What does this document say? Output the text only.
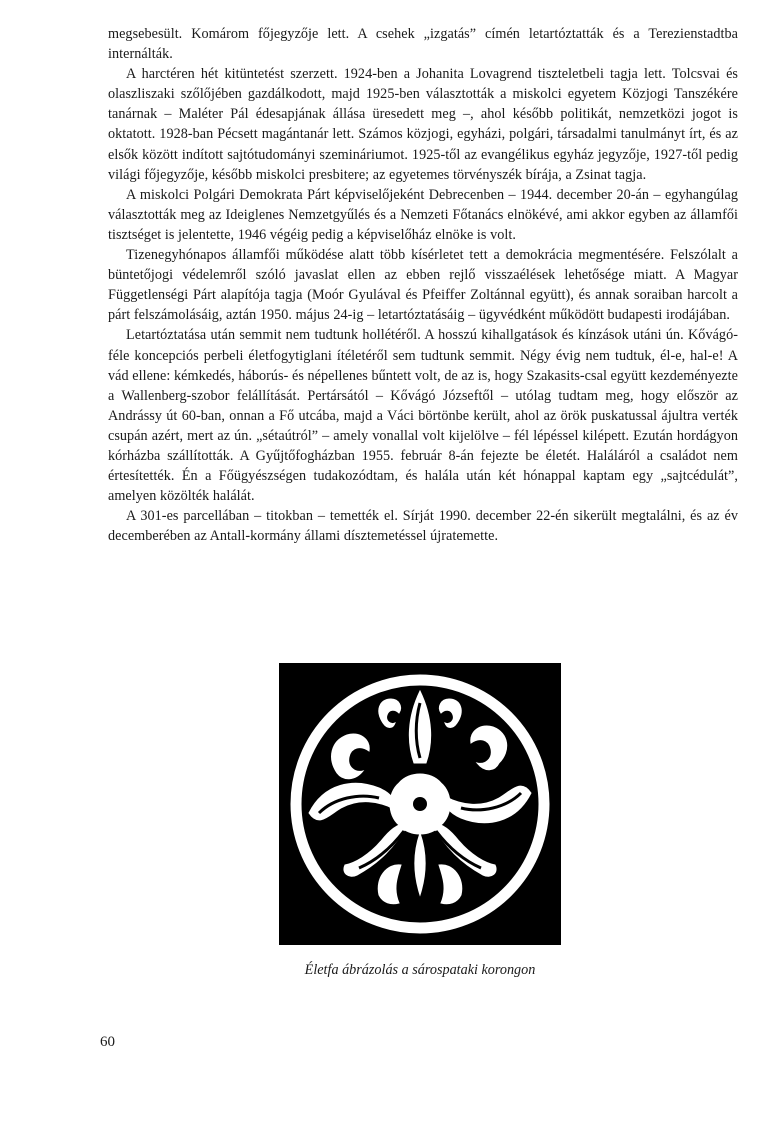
megsebesült. Komárom főjegyzője lett. A csehek „izgatás” címén letartóztatták és a Terezienstadtba internálták.

A harctéren hét kitüntetést szerzett. 1924-ben a Johanita Lovagrend tiszteletbeli tagja lett. Tolcsvai és olaszliszaki szőlőjében gazdálkodott, majd 1925-ben választották a miskolci egyetem Közjogi Tanszékére tanárnak – Maléter Pál édesapjának állása üresedett meg –, ahol később politikát, nemzetközi jogot is oktatott. 1928-ban Pécsett magántanár lett. Számos közjogi, egyházi, polgári, társadalmi tanulmányt írt, és az elsők között indított sajtótudományi szemináriumot. 1925-től az evangélikus egyház jegyzője, 1927-től pedig világi főjegyzője, később miskolci presbitere; az egyetemes törvényszék bírája, a Zsinat tagja.

A miskolci Polgári Demokrata Párt képviselőjeként Debrecenben – 1944. december 20-án – egyhangúlag választották meg az Ideiglenes Nemzetgyűlés és a Nemzeti Főtanács elnökévé, ami akkor egyben az államfői tisztséget is jelentette, 1946 végéig pedig a képviselőház elnöke is volt.

Tizenegyhónapos államfői működése alatt több kísérletet tett a demokrácia megmentésére. Felszólalt a büntetőjogi védelemről szóló javaslat ellen az ebben rejlő visszaélések lehetősége miatt. A Magyar Függetlenségi Párt alapítója tagja (Moór Gyulával és Pfeiffer Zoltánnal együtt), és annak soraiban harcolt a párt felszámolásáig, aztán 1950. május 24-ig – letartóztatásáig – ügyvédként működött budapesti irodájában.

Letartóztatása után semmit nem tudtunk hollétéről. A hosszú kihallgatások és kínzások utáni ún. Kővágó-féle koncepciós perbeli életfogytiglani ítéletéről sem tudtunk semmit. Négy évig nem tudtuk, él-e, hal-e! A vád ellene: kémkedés, háborús- és népellenes bűntett volt, de az is, hogy Szakasits-csal együtt kezdeményezte a Wallenberg-szobor felállítását. Pertársától – Kővágó Józseftől – utólag tudtam meg, hogy először az Andrássy út 60-ban, onnan a Fő utcába, majd a Váci börtönbe került, ahol az örök puskatussal ájultra verték csupán azért, mert az ún. „sétaútról” – amely vonallal volt kijelölve – fél lépéssel kilépett. Ezután hordágyon kórházba szállították. A Gyűjtőfogházban 1955. február 8-án fejezte be életét. Haláláról a családot nem értesítették. Én a Főügyészségen tudakozódtam, és halála után két hónappal kaptam egy „sajtcédulát”, amelyen közölték halálát.

A 301-es parcellában – titokban – temették el. Sírját 1990. december 22-én sikerült megtalálni, és az év decemberében az Antall-kormány állami dísztemetéssel újratemette.

Életfa ábrázolás a sárospataki korongon
60
